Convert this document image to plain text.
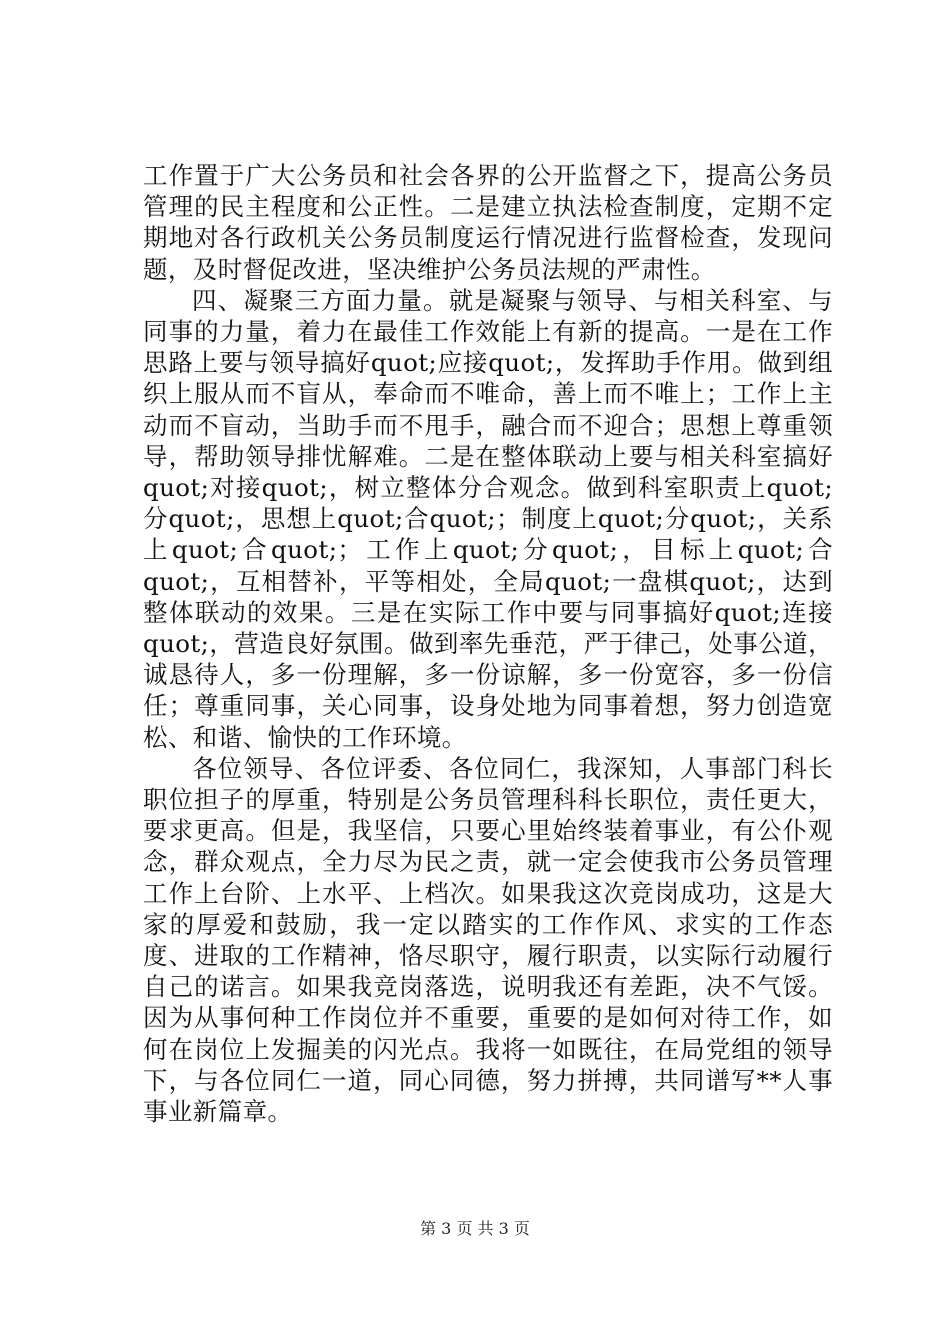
工作置于广大公务员和社会各界的公开监督之下，提高公务员管理的民主程度和公正性。二是建立执法检查制度，定期不定期地对各行政机关公务员制度运行情况进行监督检查，发现问题，及时督促改进，坚决维护公务员法规的严肃性。

四、凝聚三方面力量。就是凝聚与领导、与相关科室、与同事的力量，着力在最佳工作效能上有新的提高。一是在工作思路上要与领导搞好quot;应接quot;，发挥助手作用。做到组织上服从而不盲从，奉命而不唯命，善上而不唯上；工作上主动而不盲动，当助手而不甩手，融合而不迎合；思想上尊重领导，帮助领导排忧解难。二是在整体联动上要与相关科室搞好quot;对接quot;，树立整体分合观念。做到科室职责上quot;分quot;，思想上quot;合quot;；制度上quot;分quot;，关系上quot;合quot;；工作上quot;分quot;，目标上quot;合quot;，互相替补，平等相处，全局quot;一盘棋quot;，达到整体联动的效果。三是在实际工作中要与同事搞好quot;连接quot;，营造良好氛围。做到率先垂范，严于律己，处事公道，诚恳待人，多一份理解，多一份谅解，多一份宽容，多一份信任；尊重同事，关心同事，设身处地为同事着想，努力创造宽松、和谐、愉快的工作环境。

各位领导、各位评委、各位同仁，我深知，人事部门科长职位担子的厚重，特别是公务员管理科科长职位，责任更大，要求更高。但是，我坚信，只要心里始终装着事业，有公仆观念，群众观点，全力尽为民之责，就一定会使我市公务员管理工作上台阶、上水平、上档次。如果我这次竞岗成功，这是大家的厚爱和鼓励，我一定以踏实的工作作风、求实的工作态度、进取的工作精神，恪尽职守，履行职责，以实际行动履行自己的诺言。如果我竞岗落选，说明我还有差距，决不气馁。因为从事何种工作岗位并不重要，重要的是如何对待工作，如何在岗位上发掘美的闪光点。我将一如既往，在局党组的领导下，与各位同仁一道，同心同德，努力拼搏，共同谱写**人事事业新篇章。

第 3 页 共 3 页
